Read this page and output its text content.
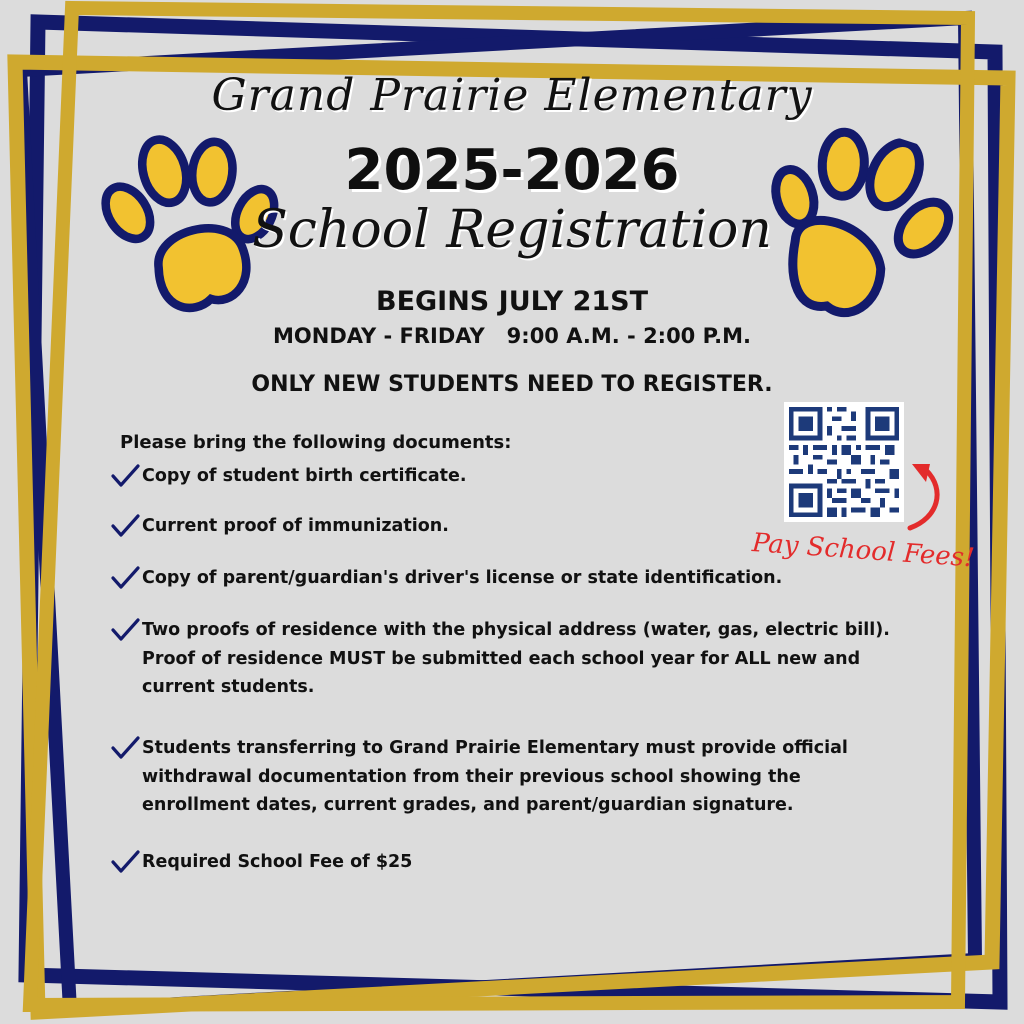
Grand Prairie Elementary
2025-2026
School Registration
BEGINS JULY 21ST
MONDAY - FRIDAY   9:00 A.M. - 2:00 P.M.
ONLY NEW STUDENTS NEED TO REGISTER.
Please bring the following documents:
Copy of student birth certificate.
Current proof of immunization.
Copy of parent/guardian's driver's license or state identification.
Two proofs of residence with the physical address (water, gas, electric bill). Proof of residence MUST be submitted each school year for ALL new and current students.
Students transferring to Grand Prairie Elementary must provide official withdrawal documentation from their previous school showing the enrollment dates, current grades, and parent/guardian signature.
Required School Fee of $25
Pay School Fees!
